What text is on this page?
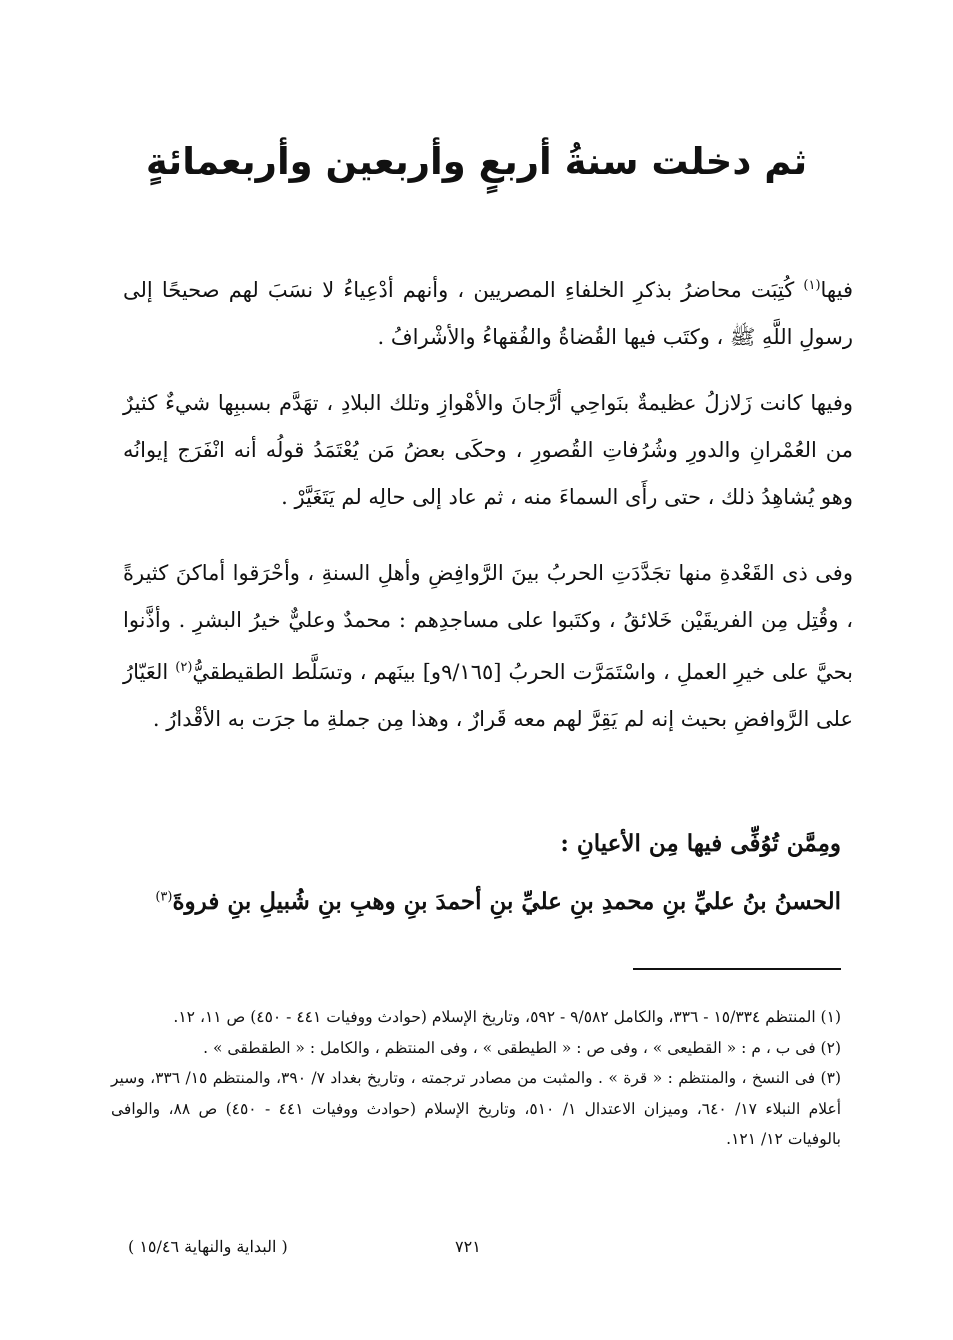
ثم دخلت سنةُ أربعٍ وأربعين وأربعمائةٍ
فيها$^{(١)}$ كُتِبَت محاضرُ بذكرِ الخلفاءِ المصريين ، وأنهم أدْعِياءُ لا نسَبَ لهم صحيحًا إلى رسولِ اللَّهِ ﷺ ، وكتَب فيها القُضاةُ والفُقهاءُ والأشْرافُ .
وفيها كانت زَلازلُ عظيمةٌ بنَواحِي أرَّجانَ والأهْوازِ وتلك البلادِ ، تهَدَّم بسببِها شيءٌ كثيرٌ من العُمْرانِ والدورِ وشُرُفاتِ القُصورِ ، وحكَى بعضُ مَن يُعْتَمَدُ قولُه أنه انْفَرَج إيوانُه وهو يُشاهِدُ ذلك ، حتى رأَى السماءَ منه ، ثم عاد إلى حالِه لم يَتَغَيَّرْ .
وفى ذى القَعْدةِ منها تجَدَّدَتِ الحربُ بينَ الرَّوافِضِ وأهلِ السنةِ ، وأحْرَقوا أماكنَ كثيرةً ، وقُتِل مِن الفريقَيْن خَلائقُ ، وكتَبوا على مساجدِهم : محمدٌ وعليٌّ خيرُ البشرِ . وأذَّنوا بحيَّ على خيرِ العملِ ، واسْتَمَرَّت الحربُ [٩/١٦٥و] بينَهم ، وتسَلَّط الطقيطقيُّ$^{(٢)}$ العَيّارُ على الرَّوافضِ بحيث إنه لم يَقِرَّ لهم معه قَرارٌ ، وهذا مِن جملةِ ما جرَت به الأقْدارُ .
ومِمَّن تُوُفِّى فيها مِن الأعيانِ :
الحسنُ بنُ عليِّ بنِ محمدِ بنِ عليِّ بنِ أحمدَ بنِ وهبِ بنِ شُبيلِ بنِ فروةَ$^{(٣)}$

(١) المنتظم ١٥/٣٣٤ - ٣٣٦، والكامل ٩/٥٨٢ - ٥٩٢، وتاريخ الإسلام (حوادث ووفيات ٤٤١ - ٤٥٠) ص ١١، ١٢.

(٢) فى ب ، م : « القطيعى » ، وفى ص : « الطيطقى » ، وفى المنتظم ، والكامل : « الطقطقى » .

(٣) فى النسخ ، والمنتظم : « قرة » . والمثبت من مصادر ترجمته ، وتاريخ بغداد ٧/ ٣٩٠، والمنتظم ١٥/ ٣٣٦، وسير أعلام النبلاء ١٧/ ٦٤٠، وميزان الاعتدال ١/ ٥١٠، وتاريخ الإسلام (حوادث ووفيات ٤٤١ - ٤٥٠) ص ٨٨، والوافى بالوفيات ١٢/ ١٢١.

٧٢١
( البداية والنهاية ١٥/٤٦ )
